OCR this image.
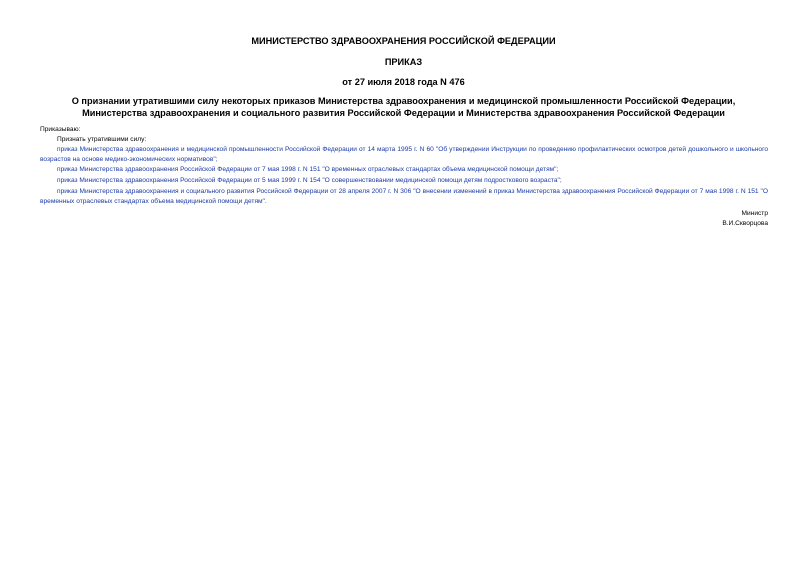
МИНИСТЕРСТВО ЗДРАВООХРАНЕНИЯ РОССИЙСКОЙ ФЕДЕРАЦИИ
ПРИКАЗ
от 27 июля 2018 года N 476
О признании утратившими силу некоторых приказов Министерства здравоохранения и медицинской промышленности Российской Федерации, Министерства здравоохранения и социального развития Российской Федерации и Министерства здравоохранения Российской Федерации
Приказываю:
Признать утратившими силу:
приказ Министерства здравоохранения и медицинской промышленности Российской Федерации от 14 марта 1995 г. N 60 "Об утверждении Инструкции по проведению профилактических осмотров детей дошкольного и школьного возрастов на основе медико-экономических нормативов";
приказ Министерства здравоохранения Российской Федерации от 7 мая 1998 г. N 151 "О временных отраслевых стандартах объема медицинской помощи детям";
приказ Министерства здравоохранения Российской Федерации от 5 мая 1999 г. N 154 "О совершенствовании медицинской помощи детям подросткового возраста";
приказ Министерства здравоохранения и социального развития Российской Федерации от 28 апреля 2007 г. N 306 "О внесении изменений в приказ Министерства здравоохранения Российской Федерации от 7 мая 1998 г. N 151 "О временных отраслевых стандартах объема медицинской помощи детям".
Министр
В.И.Скворцова
